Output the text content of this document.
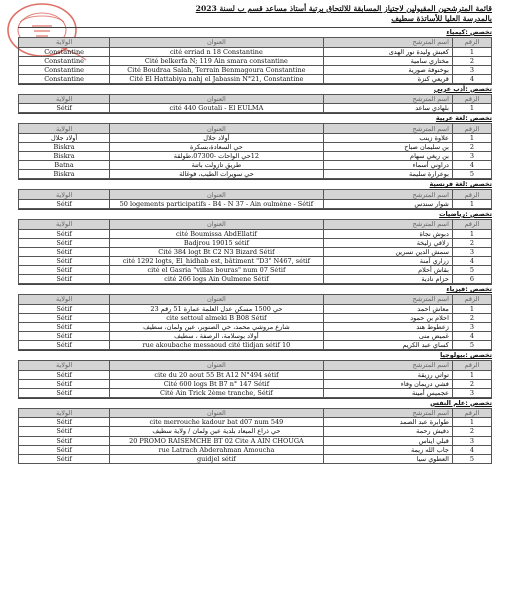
قائمة المترشحين المقبولين لاجتياز المسابقة للالتحاق برتبة أستاذ مساعد قسم ب لسنة 2023
بالمدرسة العليا للأساتذة سطيف
تخصص :كيمياء
الولاية	العنوان	اسم المترشح	الرقم
Constantine	cité erriad n 18 Constantine	كعبش وليدة نور الهدى	1
Constantine	Cité belkerfa N; 119 Ain smara constantine	مختاري سامية	2
Constantine	Cité Boudraa Salah, Terrain Benmagoura Constantine	بوخنوفة صورية	3
Constantine	Cité El Hattabiya nahj el Jabassin N°21, Constantine	قريعي كنزة	4
تخصص :أدب عربي
الولاية	العنوان	اسم المترشح	الرقم
Sétif	cité 440 Goutali - El EULMA	بلهادي ساعد	1
تخصص :لغة عربية
الولاية	العنوان	اسم المترشح	الرقم
أولاد جلال	أولاد جلال	علاوة زينب	1
Biskra	حي السعادة،بسكرة	بن سليمان صباح	2
Biskra	12حي الواحات -07300،طولقة	بن ريغي سهام	3
Batna	طريق تازولت باتنة	دراوني أسماء	4
Biskra	حي سويرات الطيب، فوغالة	بوعرارة سليمة	5
تخصص :لغة فرنسية
الولاية	العنوان	اسم المترشح	الرقم
Sétif	50 logements participatifs - B4 - N 37 - Ain oulmène - Sétif	شوار سندس	1
تخصص :رياضيات
الولاية	العنوان	اسم المترشح	الرقم
Sétif	cité Boumissa AbdEllatif	دبوش نجاة	1
Sétif	Badjrou 19015 sétif	زلاقي زليخة	2
Sétif	Cité 384 logt Bt C2 N3 Bizard Sétif	سمش الدين نسرين	3
Sétif	cité 1292 logts, El_hidhab est, bâtiment "D3" N467, sétif	زراري آمنة	4
Sétif	cité el Gasria "villas bouras" num 07 Sétif	بقاش أحلام	5
Sétif	cité 266 logs Ain Oulmene Sétif	حزام نادية	6
تخصص :فيزياء
الولاية	العنوان	اسم المترشح	الرقم
Sétif	حي 1500 مسكن عدل العلمة عمارة 51 رقم 23	معاش احمد	1
Sétif	cite settoul almeki B B08 Sétif	احلام بن حمود	2
Sétif	شارع مروشي محمد، حي الصنوبر، عين ولمان، سطيف	زعطوط هند	3
Sétif	أولاد بوسلامة، الرصفة ، سطيف	غميض منى	4
Sétif	rue akoubache messaoud cité tlidjan sétif 10	كساي عبد الكريم	5
تخصص :بيولوجيا
الولاية	العنوان	اسم المترشح	الرقم
Sétif	cite du 20 aout 55 Bt A12 N°494 sétif	تواتي رزيقة	1
Sétif	Cité 600 logs Bt B7 n° 147 Sétif	فشي دريمان وفاء	2
Sétif	Cité Ain Trick 2ème tranche, Sétif	عجميس أمينة	3
تخصص :علم النفس
الولاية	العنوان	اسم المترشح	الرقم
Sétif	cite merrouche kadour bat d07 num 549	طوابرة عبد الصمد	1
Sétif	حي ذراع الميعاد بلدية عين ولمان / ولاية سطيف	دفيش رحمة	2
Sétif	20 PROMO RAISEMCHE BT 02 Cite A AIN CHOUGA	قبلي ايناس	3
Sétif	rue Latrach Abderahman Amoucha	جاب الله ريمة	4
Sétif	guidjel sétif	العطوي سيا	5
